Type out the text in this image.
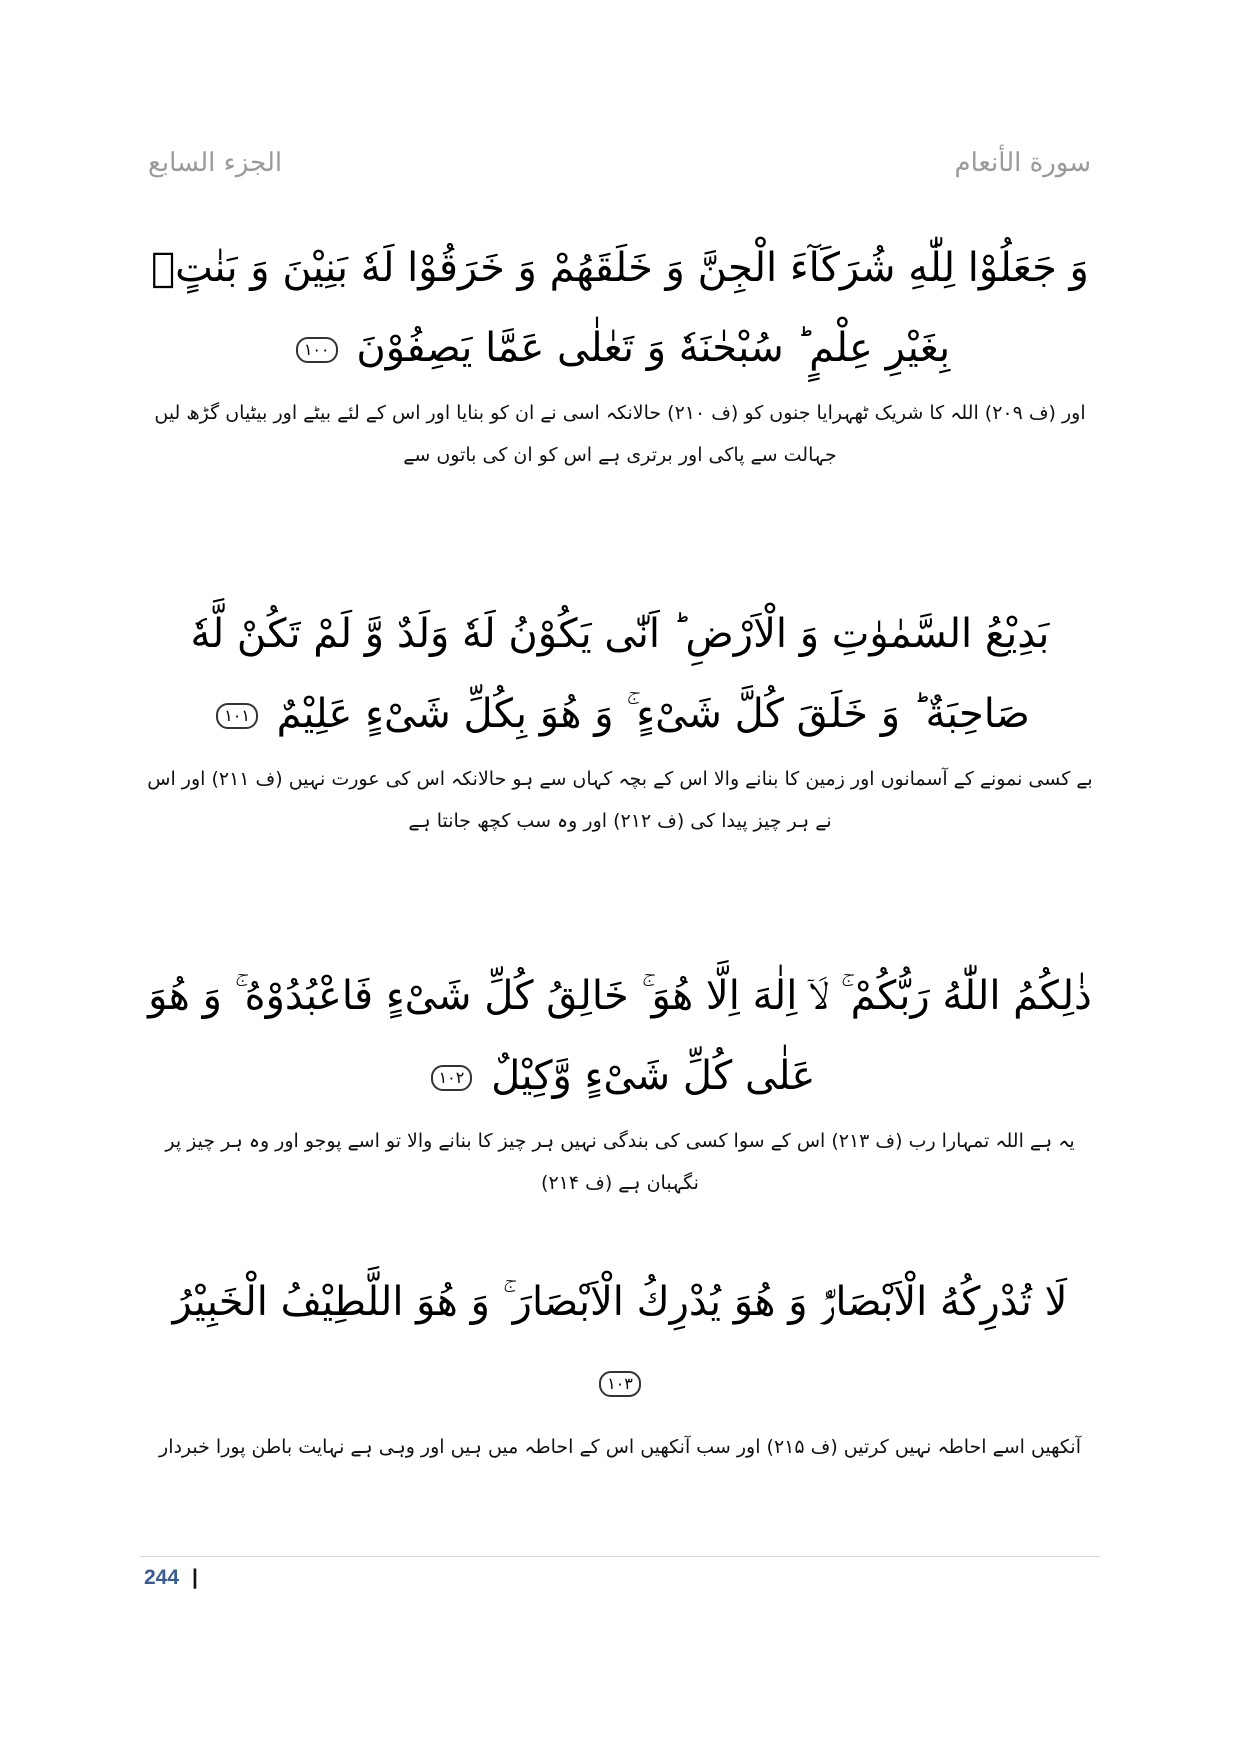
الجزء السابع	سورة الأنعام
وَ جَعَلُوْا لِلّٰهِ شُرَكَآءَ الْجِنَّ وَ خَلَقَهُمْ وَ خَرَقُوْا لَهٗ بَنِیْنَ وَ بَنٰتٍۭ بِغَیْرِ عِلْمٍ ؕ سُبْحٰنَهٗ وَ تَعٰلٰى عَمَّا یَصِفُوْنَ ۱۰۰
اور (ف ۲۰۹) اللہ کا شریک ٹھہرایا جنوں کو (ف ۲۱۰) حالانکہ اسی نے ان کو بنایا اور اس کے لئے بیٹے اور بیٹیاں گڑھ لیں جہالت سے پاکی اور برتری ہے اس کو ان کی باتوں سے
بَدِیْعُ السَّمٰوٰتِ وَ الْاَرْضِ ؕ اَنّٰى یَكُوْنُ لَهٗ وَلَدٌ وَّ لَمْ تَكُنْ لَّهٗ صَاحِبَةٌ ؕ وَ خَلَقَ كُلَّ شَیْءٍ ۚ وَ هُوَ بِكُلِّ شَیْءٍ عَلِیْمٌ ۱۰۱
بے کسی نمونے کے آسمانوں اور زمین کا بنانے والا اس کے بچہ کہاں سے ہو حالانکہ اس کی عورت نہیں (ف ۲۱۱) اور اس نے ہر چیز پیدا کی (ف ۲۱۲) اور وہ سب کچھ جانتا ہے
ذٰلِكُمُ اللّٰهُ رَبُّكُمْ ۚ لَاۤ اِلٰهَ اِلَّا هُوَ ۚ خَالِقُ كُلِّ شَیْءٍ فَاعْبُدُوْهُ ۚ وَ هُوَ عَلٰى كُلِّ شَیْءٍ وَّكِیْلٌ ۱۰۲
یہ ہے اللہ تمہارا رب (ف ۲۱۳) اس کے سوا کسی کی بندگی نہیں ہر چیز کا بنانے والا تو اسے پوجو اور وہ ہر چیز پر نگہبان ہے (ف ۲۱۴)
لَا تُدْرِكُهُ الْاَبْصَارُ٘ وَ هُوَ یُدْرِكُ الْاَبْصَارَ ۚ وَ هُوَ اللَّطِیْفُ الْخَبِیْرُ ۱۰۳
آنکھیں اسے احاطہ نہیں کرتیں (ف ۲۱۵) اور سب آنکھیں اس کے احاطہ میں ہیں اور وہی ہے نہایت باطن پورا خبردار
244 |
